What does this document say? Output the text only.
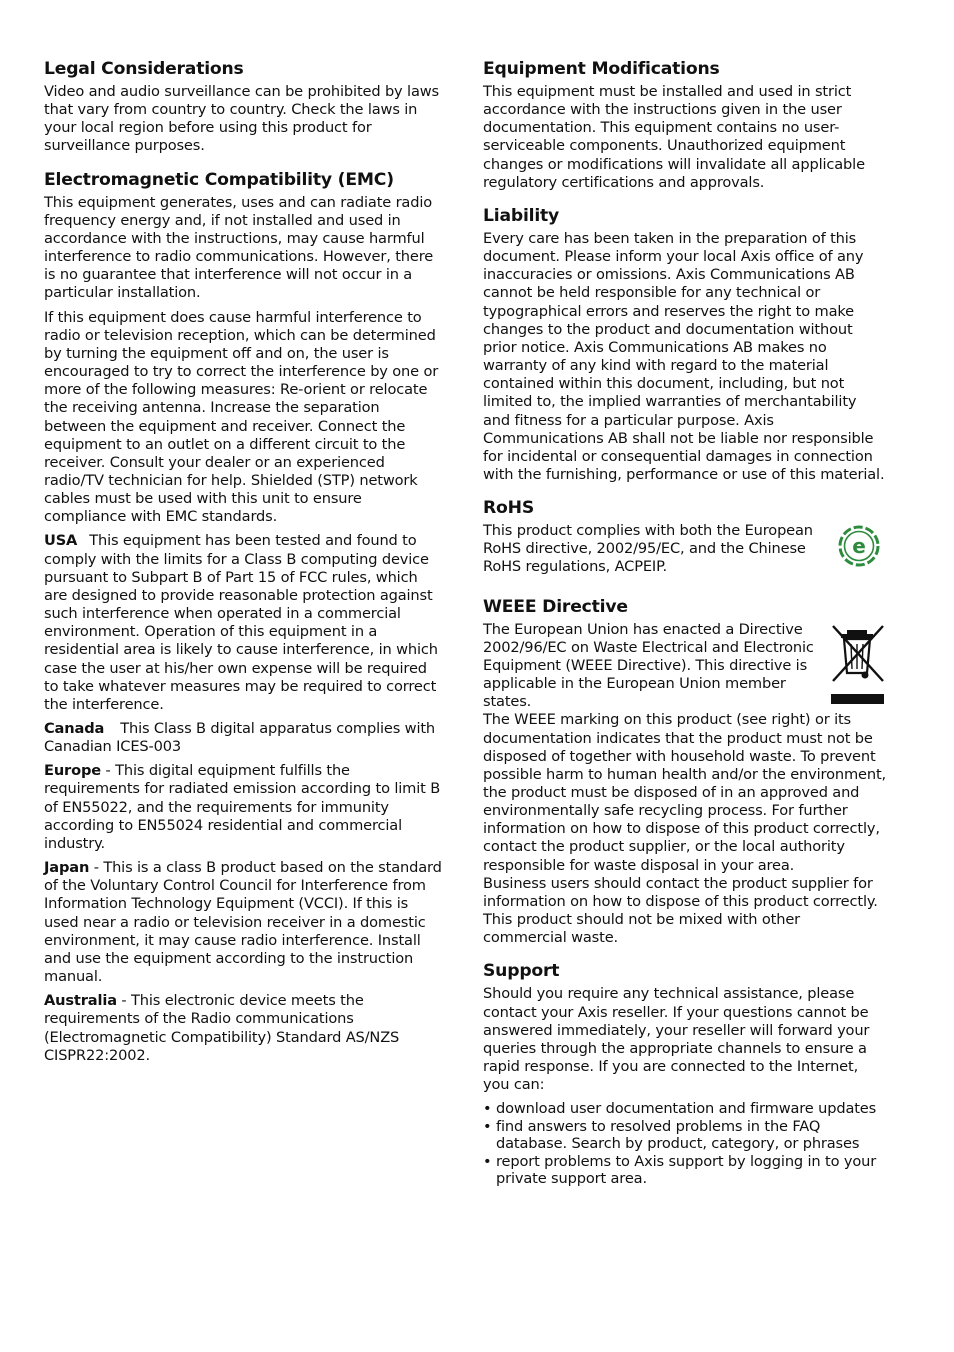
Legal Considerations

Video and audio surveillance can be prohibited by laws that vary from country to country. Check the laws in your local region before using this product for surveillance purposes.

Electromagnetic Compatibility (EMC)

This equipment generates, uses and can radiate radio frequency energy and, if not installed and used in accordance with the instructions, may cause harmful interference to radio communications. However, there is no guarantee that interference will not occur in a particular installation.

If this equipment does cause harmful interference to radio or television reception, which can be determined by turning the equipment off and on, the user is encouraged to try to correct the interference by one or more of the following measures: Re-orient or relocate the receiving antenna. Increase the separation between the equipment and receiver. Connect the equipment to an outlet on a different circuit to the receiver. Consult your dealer or an experienced radio/TV technician for help. Shielded (STP) network cables must be used with this unit to ensure compliance with EMC standards.

USA This equipment has been tested and found to comply with the limits for a Class B computing device pursuant to Subpart B of Part 15 of FCC rules, which are designed to provide reasonable protection against such interference when operated in a commercial environment. Operation of this equipment in a residential area is likely to cause interference, in which case the user at his/her own expense will be required to take whatever measures may be required to correct the interference.

Canada This Class B digital apparatus complies with Canadian ICES-003

Europe - This digital equipment fulfills the requirements for radiated emission according to limit B of EN55022, and the requirements for immunity according to EN55024 residential and commercial industry.

Japan - This is a class B product based on the standard of the Voluntary Control Council for Interference from Information Technology Equipment (VCCI). If this is used near a radio or television receiver in a domestic environment, it may cause radio interference. Install and use the equipment according to the instruction manual.

Australia - This electronic device meets the requirements of the Radio communications (Electromagnetic Compatibility) Standard AS/NZS CISPR22:2002.

Equipment Modifications

This equipment must be installed and used in strict accordance with the instructions given in the user documentation. This equipment contains no user-serviceable components. Unauthorized equipment changes or modifications will invalidate all applicable regulatory certifications and approvals.

Liability

Every care has been taken in the preparation of this document. Please inform your local Axis office of any inaccuracies or omissions. Axis Communications AB cannot be held responsible for any technical or typographical errors and reserves the right to make changes to the product and documentation without prior notice. Axis Communications AB makes no warranty of any kind with regard to the material contained within this document, including, but not limited to, the implied warranties of merchantability and fitness for a particular purpose. Axis Communications AB shall not be liable nor responsible for incidental or consequential damages in connection with the furnishing, performance or use of this material.

RoHS

This product complies with both the European RoHS directive, 2002/95/EC, and the Chinese RoHS regulations, ACPEIP.

e
WEEE Directive

The European Union has enacted a Directive 2002/96/EC on Waste Electrical and Electronic Equipment (WEEE Directive). This directive is applicable in the European Union member states.

The WEEE marking on this product (see right) or its documentation indicates that the product must not be disposed of together with household waste. To prevent possible harm to human health and/or the environment, the product must be disposed of in an approved and environmentally safe recycling process. For further information on how to dispose of this product correctly, contact the product supplier, or the local authority responsible for waste disposal in your area.

Business users should contact the product supplier for information on how to dispose of this product correctly. This product should not be mixed with other commercial waste.

Support

Should you require any technical assistance, please contact your Axis reseller. If your questions cannot be answered immediately, your reseller will forward your queries through the appropriate channels to ensure a rapid response. If you are connected to the Internet, you can:

• download user documentation and firmware updates
• find answers to resolved problems in the FAQ database. Search by product, category, or phrases
• report problems to Axis support by logging in to your private support area.
